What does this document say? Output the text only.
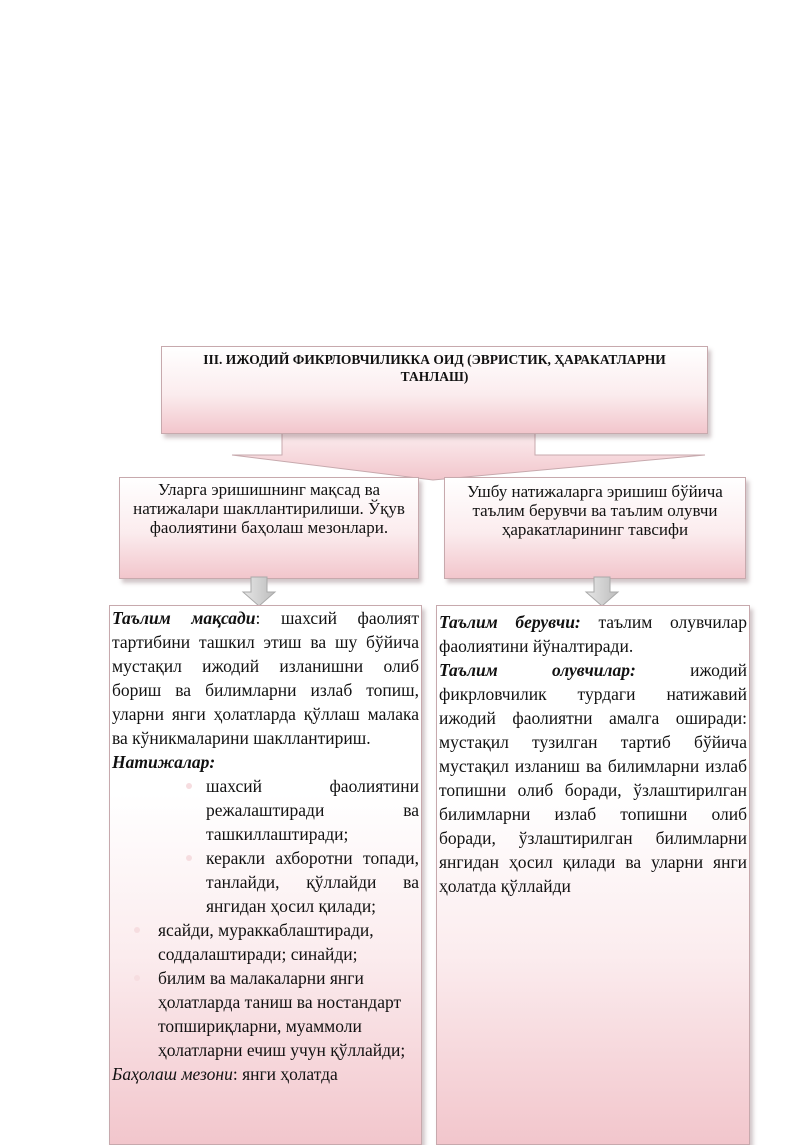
III. ИЖОДИЙ ФИКРЛОВЧИЛИККА ОИД (ЭВРИСТИК, ҲАРАКАТЛАРНИ ТАНЛАШ)
Уларга эришишнинг мақсад ва натижалари шакллантирилиши. Ўқув фаолиятини баҳолаш мезонлари.
Ушбу натижаларга эришиш бўйича таълим берувчи ва таълим олувчи ҳаракатларининг тавсифи
Таълим мақсади: шахсий фаолият тартибини ташкил этиш ва шу бўйича мустақил ижодий изланишни олиб бориш ва билимларни излаб топиш, уларни янги ҳолатларда қўллаш малака ва кўникмаларини шакллантириш.
Натижалар:
шахсий фаолиятини режалаштиради ва ташкиллаштиради;
керакли ахборотни топади, танлайди, қўллайди ва янгидан ҳосил қилади;
ясайди, мураккаблаштиради, соддалаштиради; синайди;
билим ва малакаларни янги ҳолатларда таниш ва ностандарт топшириқларни, муаммоли ҳолатларни ечиш учун қўллайди;
Баҳолаш мезони: янги ҳолатда
Таълим берувчи: таълим олувчилар фаолиятини йўналтиради.
Таълим олувчилар: ижодий фикрловчилик турдаги натижавий ижодий фаолиятни амалга оширади: мустақил тузилган тартиб бўйича мустақил изланиш ва билимларни излаб топишни олиб боради, ўзлаштирилган билимларни излаб топишни олиб боради, ўзлаштирилган билимларни янгидан ҳосил қилади ва уларни янги ҳолатда қўллайди
